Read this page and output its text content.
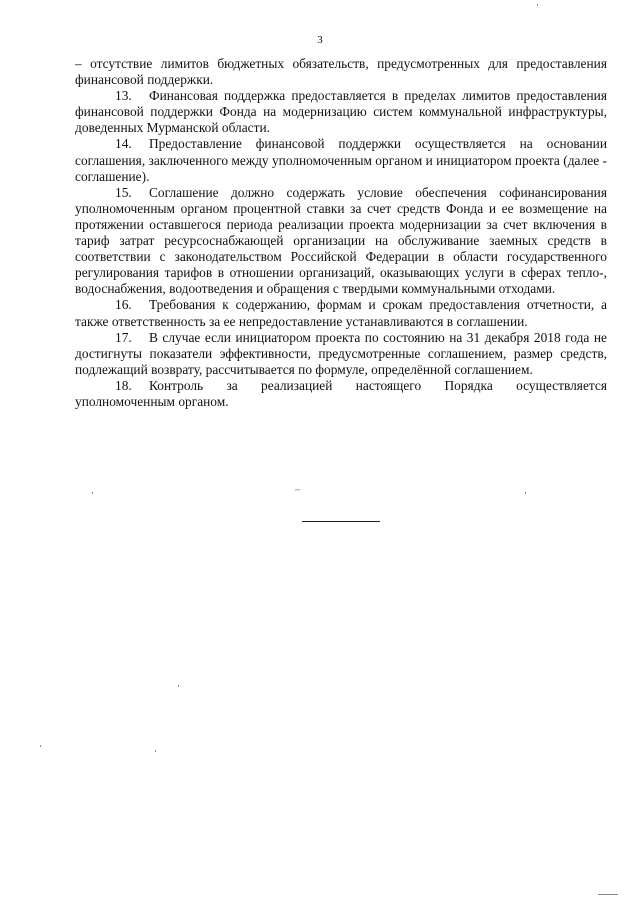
3

– отсутствие лимитов бюджетных обязательств, предусмотренных для предоставления финансовой поддержки.

13. Финансовая поддержка предоставляется в пределах лимитов предоставления финансовой поддержки Фонда на модернизацию систем коммунальной инфраструктуры, доведенных Мурманской области.

14. Предоставление финансовой поддержки осуществляется на основании соглашения, заключенного между уполномоченным органом и инициатором проекта (далее - соглашение).

15. Соглашение должно содержать условие обеспечения софинансирования уполномоченным органом процентной ставки за счет средств Фонда и ее возмещение на протяжении оставшегося периода реализации проекта модернизации за счет включения в тариф затрат ресурсоснабжающей организации на обслуживание заемных средств в соответствии с законодательством Российской Федерации в области государственного регулирования тарифов в отношении организаций, оказывающих услуги в сферах тепло-, водоснабжения, водоотведения и обращения с твердыми коммунальными отходами.

16. Требования к содержанию, формам и срокам предоставления отчетности, а также ответственность за ее непредоставление устанавливаются в соглашении.

17. В случае если инициатором проекта по состоянию на 31 декабря 2018 года не достигнуты показатели эффективности, предусмотренные соглашением, размер средств, подлежащий возврату, рассчитывается по формуле, определённой соглашением.

18. Контроль за реализацией настоящего Порядка осуществляется уполномоченным органом.

~
